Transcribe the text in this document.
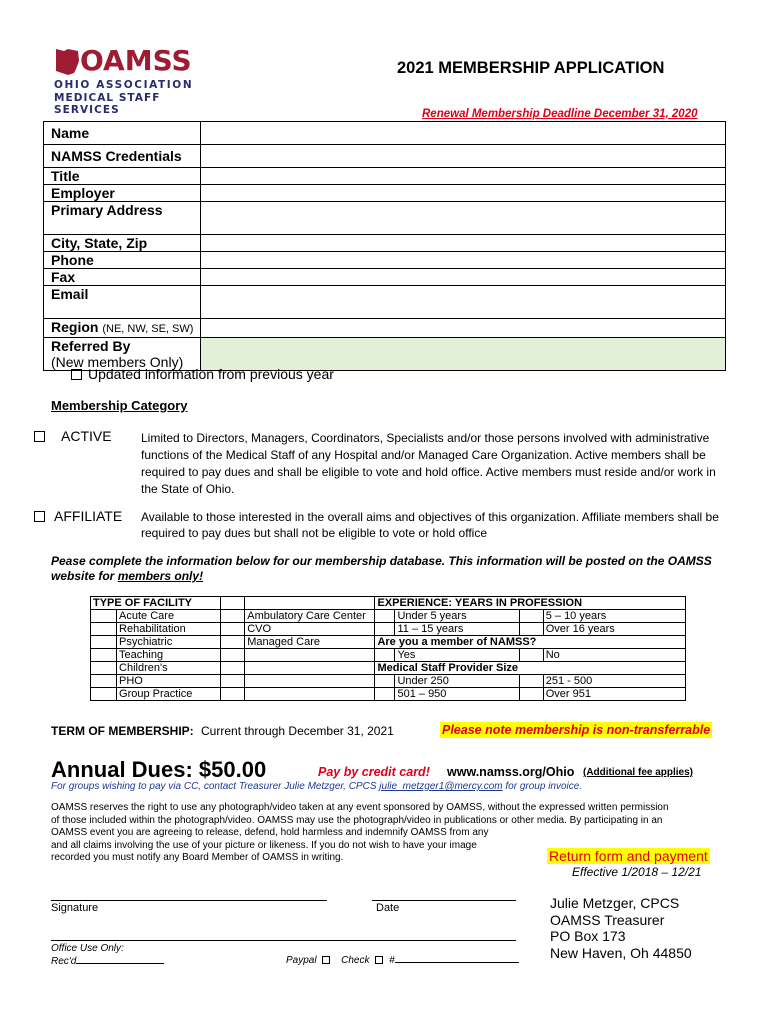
OAMSS
OHIO ASSOCIATION
MEDICAL STAFF SERVICES
2021 MEMBERSHIP APPLICATION
Renewal Membership Deadline December 31, 2020
Name	
NAMSS Credentials	
Title	
Employer	
Primary Address	
City, State, Zip	
Phone	
Fax	
Email	
Region (NE, NW, SE, SW)	

Referred By
(New members Only)	

Updated information from previous year
Membership Category
ACTIVE Limited to Directors, Managers, Coordinators, Specialists and/or those persons involved with administrative functions of the Medical Staff of any Hospital and/or Managed Care Organization. Active members shall be required to pay dues and shall be eligible to vote and hold office. Active members must reside and/or work in the State of Ohio.
AFFILIATE Available to those interested in the overall aims and objectives of this organization. Affiliate members shall be required to pay dues but shall not be eligible to vote or hold office
Pease complete the information below for our membership database. This information will be posted on the OAMSS website for members only!
TYPE OF FACILITY				EXPERIENCE: YEARS IN PROFESSION			
	Acute Care		Ambulatory Care Center		Under 5 years		5 – 10 years
	Rehabilitation		CVO		11 – 15 years		Over 16 years
	Psychiatric		Managed Care	Are you a member of NAMSS?			
	Teaching				Yes		No
	Children's			Medical Staff Provider Size			
	PHO				Under 250		251 - 500
	Group Practice				501 – 950		Over 951
TERM OF MEMBERSHIP: Current through December 31, 2021	Please note membership is non-transferrable
Annual Dues: $50.00	Pay by credit card! www.namss.org/Ohio (Additional fee applies)
For groups wishing to pay via CC, contact Treasurer Julie Metzger, CPCS julie_metzger1@mercy.com for group invoice.
OAMSS reserves the right to use any photograph/video taken at any event sponsored by OAMSS, without the expressed written permission
of those included within the photograph/video. OAMSS may use the photograph/video in publications or other media. By participating in an
OAMSS event you are agreeing to release, defend, hold harmless and indemnify OAMSS from any
and all claims involving the use of your picture or likeness. If you do not wish to have your image
recorded you must notify any Board Member of OAMSS in writing.	Return form and payment
Effective 1/2018 – 12/21
Julie Metzger, CPCS
OAMSS Treasurer
PO Box 173
New Haven, Oh 44850
Signature	Date
Office Use Only:
Rec'd	Paypal Check #
